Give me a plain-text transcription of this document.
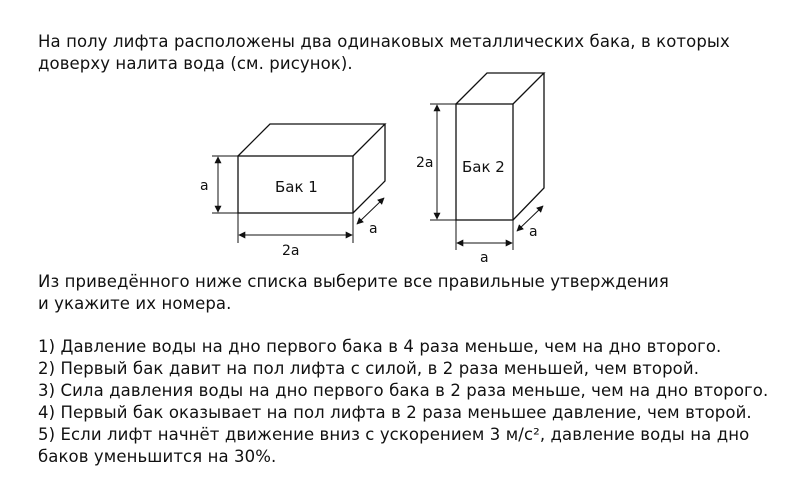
На полу лифта расположены два одинаковых металлических бака, в которых
доверху налита вода (см. рисунок).

Бак 1
a
2a
a
Бак 2
2a
a
a

Из приведённого ниже списка выберите все правильные утверждения
и укажите их номера.

1) Давление воды на дно первого бака в 4 раза меньше, чем на дно второго.
2) Первый бак давит на пол лифта с силой, в 2 раза меньшей, чем второй.
3) Сила давления воды на дно первого бака в 2 раза меньше, чем на дно второго.
4) Первый бак оказывает на пол лифта в 2 раза меньшее давление, чем второй.
5) Если лифт начнёт движение вниз с ускорением 3 м/с², давление воды на дно
баков уменьшится на 30%.
